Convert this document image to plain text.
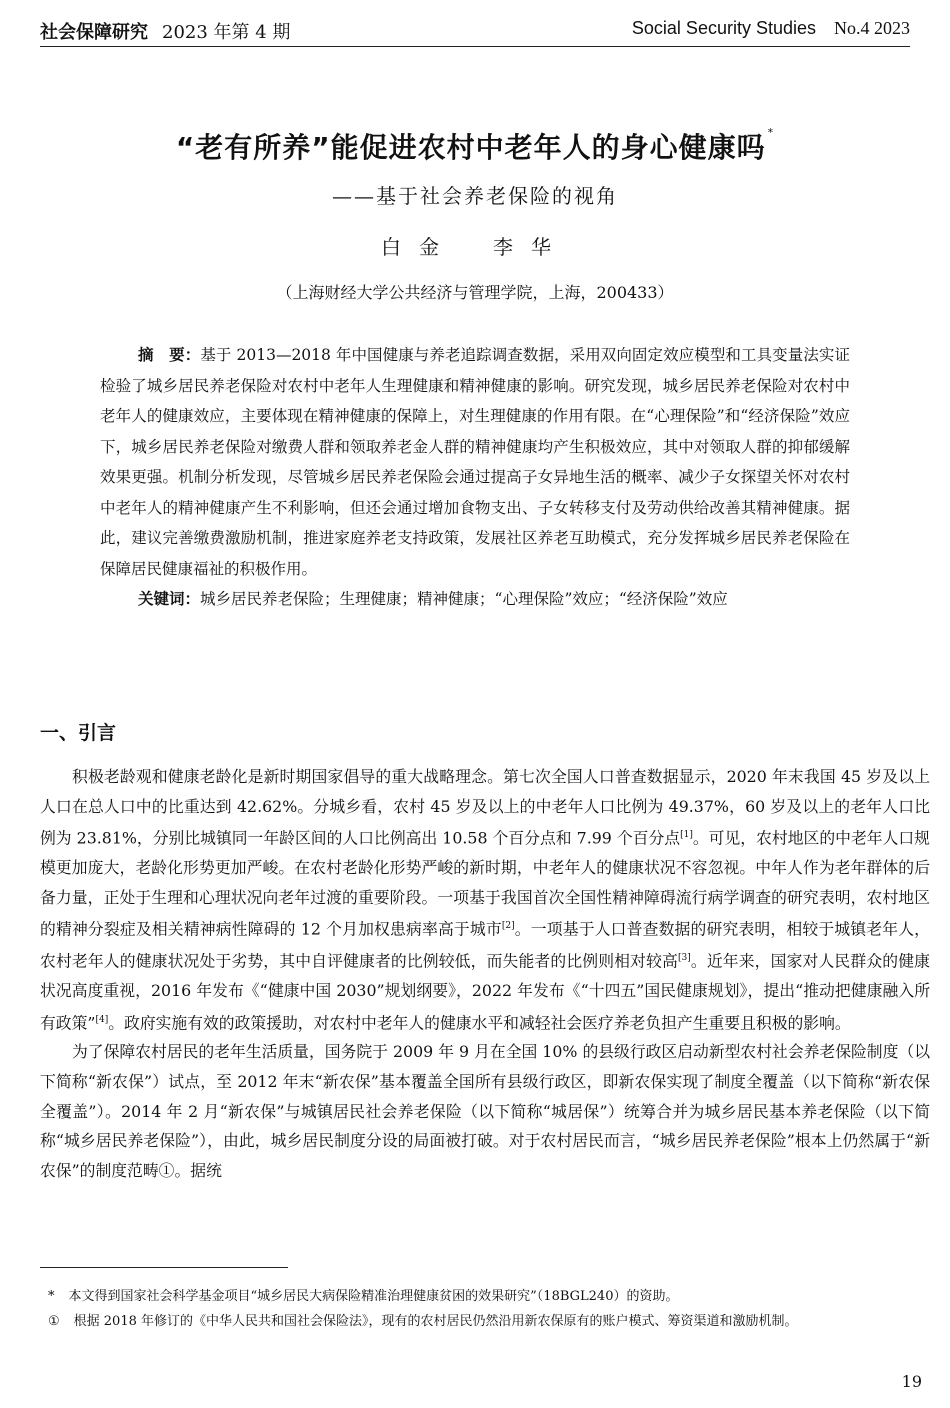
社会保障研究 2023 年第 4 期	Social Security Studies No.4 2023
“老有所养”能促进农村中老年人的身心健康吗 *
——基于社会养老保险的视角
白金 李华
（上海财经大学公共经济与管理学院，上海，200433）
摘　要：基于 2013—2018 年中国健康与养老追踪调查数据，采用双向固定效应模型和工具变量法实证检验了城乡居民养老保险对农村中老年人生理健康和精神健康的影响。研究发现，城乡居民养老保险对农村中老年人的健康效应，主要体现在精神健康的保障上，对生理健康的作用有限。在“心理保险”和“经济保险”效应下，城乡居民养老保险对缴费人群和领取养老金人群的精神健康均产生积极效应，其中对领取人群的抑郁缓解效果更强。机制分析发现，尽管城乡居民养老保险会通过提高子女异地生活的概率、减少子女探望关怀对农村中老年人的精神健康产生不利影响，但还会通过增加食物支出、子女转移支付及劳动供给改善其精神健康。据此，建议完善缴费激励机制，推进家庭养老支持政策，发展社区养老互助模式，充分发挥城乡居民养老保险在保障居民健康福祉的积极作用。
关键词：城乡居民养老保险；生理健康；精神健康；“心理保险”效应；“经济保险”效应
一、引言

积极老龄观和健康老龄化是新时期国家倡导的重大战略理念。第七次全国人口普查数据显示，2020 年末我国 45 岁及以上人口在总人口中的比重达到 42.62%。分城乡看，农村 45 岁及以上的中老年人口比例为 49.37%，60 岁及以上的老年人口比例为 23.81%，分别比城镇同一年龄区间的人口比例高出 10.58 个百分点和 7.99 个百分点[1]。可见，农村地区的中老年人口规模更加庞大，老龄化形势更加严峻。在农村老龄化形势严峻的新时期，中老年人的健康状况不容忽视。中年人作为老年群体的后备力量，正处于生理和心理状况向老年过渡的重要阶段。一项基于我国首次全国性精神障碍流行病学调查的研究表明，农村地区的精神分裂症及相关精神病性障碍的 12 个月加权患病率高于城市[2]。一项基于人口普查数据的研究表明，相较于城镇老年人，农村老年人的健康状况处于劣势，其中自评健康者的比例较低，而失能者的比例则相对较高[3]。近年来，国家对人民群众的健康状况高度重视，2016 年发布《“健康中国 2030”规划纲要》，2022 年发布《“十四五”国民健康规划》，提出“推动把健康融入所有政策”[4]。政府实施有效的政策援助，对农村中老年人的健康水平和减轻社会医疗养老负担产生重要且积极的影响。

为了保障农村居民的老年生活质量，国务院于 2009 年 9 月在全国 10% 的县级行政区启动新型农村社会养老保险制度（以下简称“新农保”）试点，至 2012 年末“新农保”基本覆盖全国所有县级行政区，即新农保实现了制度全覆盖（以下简称“新农保全覆盖”）。2014 年 2 月“新农保”与城镇居民社会养老保险（以下简称“城居保”）统筹合并为城乡居民基本养老保险（以下简称“城乡居民养老保险”），由此，城乡居民制度分设的局面被打破。对于农村居民而言，“城乡居民养老保险”根本上仍然属于“新农保”的制度范畴①。据统

* 本文得到国家社会科学基金项目“城乡居民大病保险精准治理健康贫困的效果研究”（18BGL240）的资助。
① 根据 2018 年修订的《中华人民共和国社会保险法》，现有的农村居民仍然沿用新农保原有的账户模式、筹资渠道和激励机制。
19
